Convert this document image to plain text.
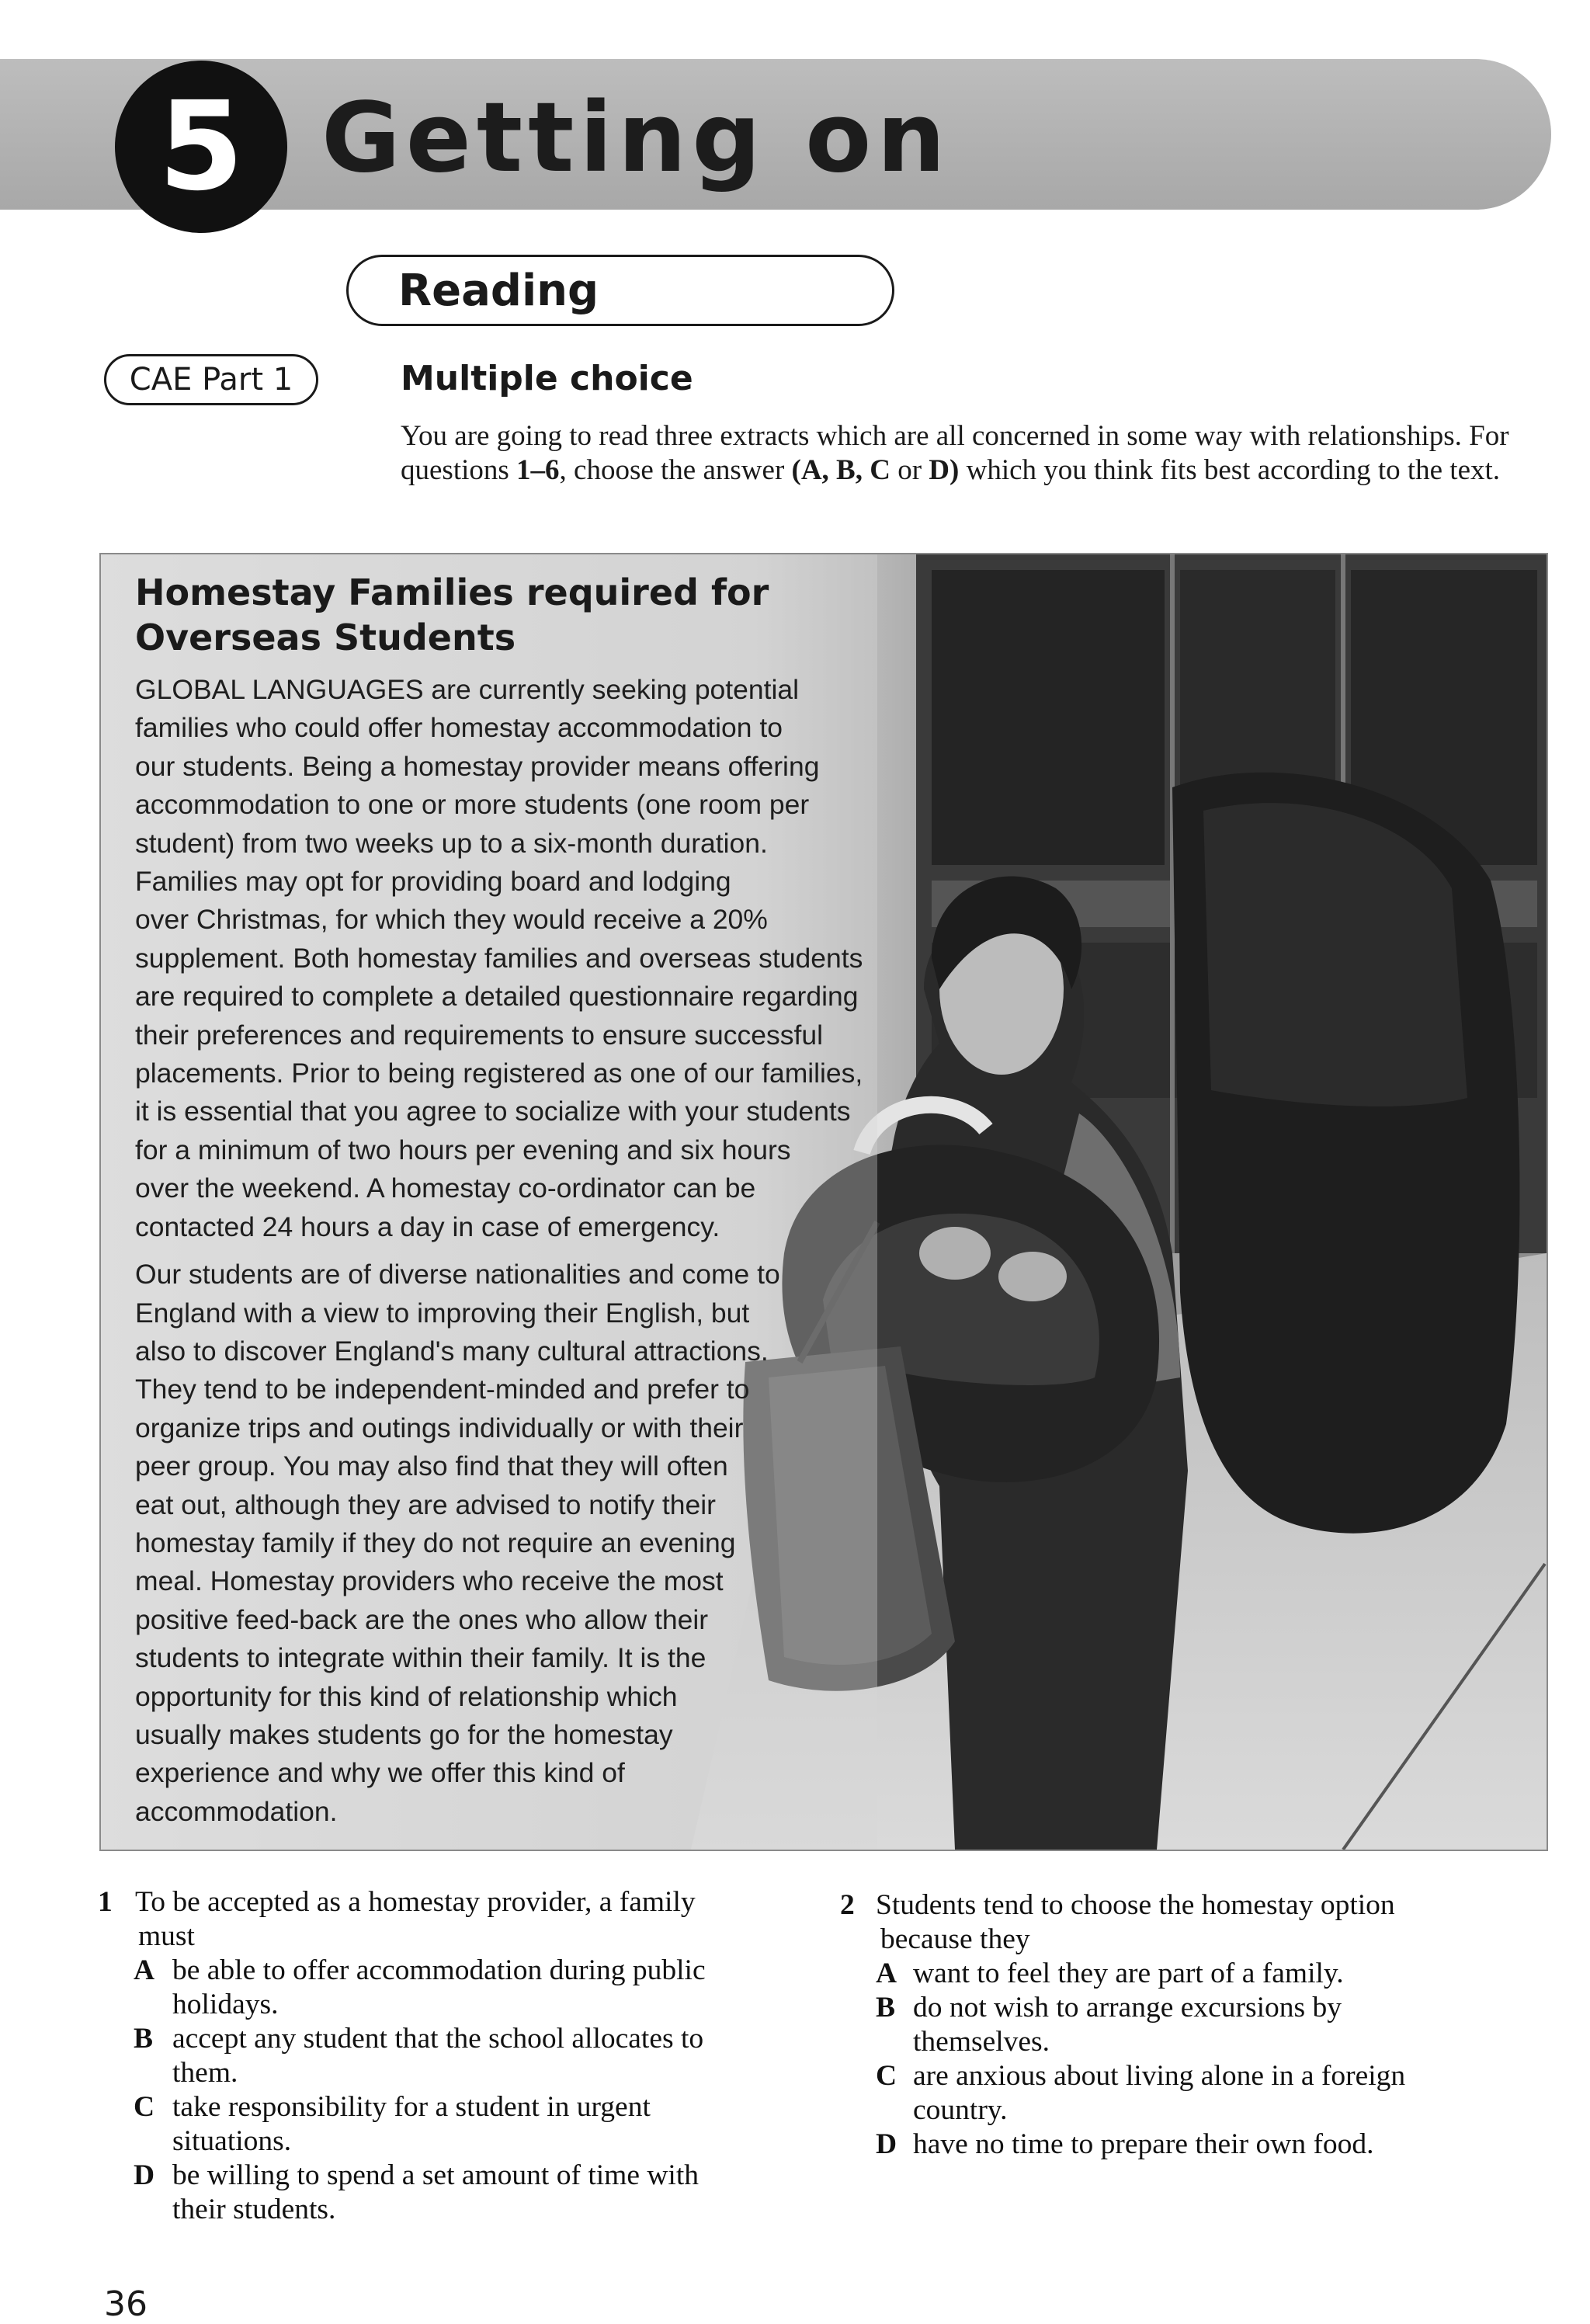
5 Getting on
Reading
CAE Part 1	Multiple choice
You are going to read three extracts which are all concerned in some way with relationships. For questions 1–6, choose the answer (A, B, C or D) which you think fits best according to the text.
Homestay Families required for
Overseas Students
GLOBAL LANGUAGES are currently seeking potential
families who could offer homestay accommodation to
our students. Being a homestay provider means offering
accommodation to one or more students (one room per
student) from two weeks up to a six-month duration.
Families may opt for providing board and lodging
over Christmas, for which they would receive a 20%
supplement. Both homestay families and overseas students
are required to complete a detailed questionnaire regarding
their preferences and requirements to ensure successful
placements. Prior to being registered as one of our families,
it is essential that you agree to socialize with your students
for a minimum of two hours per evening and six hours
over the weekend. A homestay co-ordinator can be
contacted 24 hours a day in case of emergency.
Our students are of diverse nationalities and come to
England with a view to improving their English, but
also to discover England's many cultural attractions.
They tend to be independent-minded and prefer to
organize trips and outings individually or with their
peer group. You may also find that they will often
eat out, although they are advised to notify their
homestay family if they do not require an evening
meal. Homestay providers who receive the most
positive feed-back are the ones who allow their
students to integrate within their family. It is the
opportunity for this kind of relationship which
usually makes students go for the homestay
experience and why we offer this kind of
accommodation.
1 To be accepted as a homestay provider, a family
must
A be able to offer accommodation during public
holidays.
B accept any student that the school allocates to
them.
C take responsibility for a student in urgent
situations.
D be willing to spend a set amount of time with
their students.
2 Students tend to choose the homestay option
because they
A want to feel they are part of a family.
B do not wish to arrange excursions by
themselves.
C are anxious about living alone in a foreign
country.
D have no time to prepare their own food.
36
